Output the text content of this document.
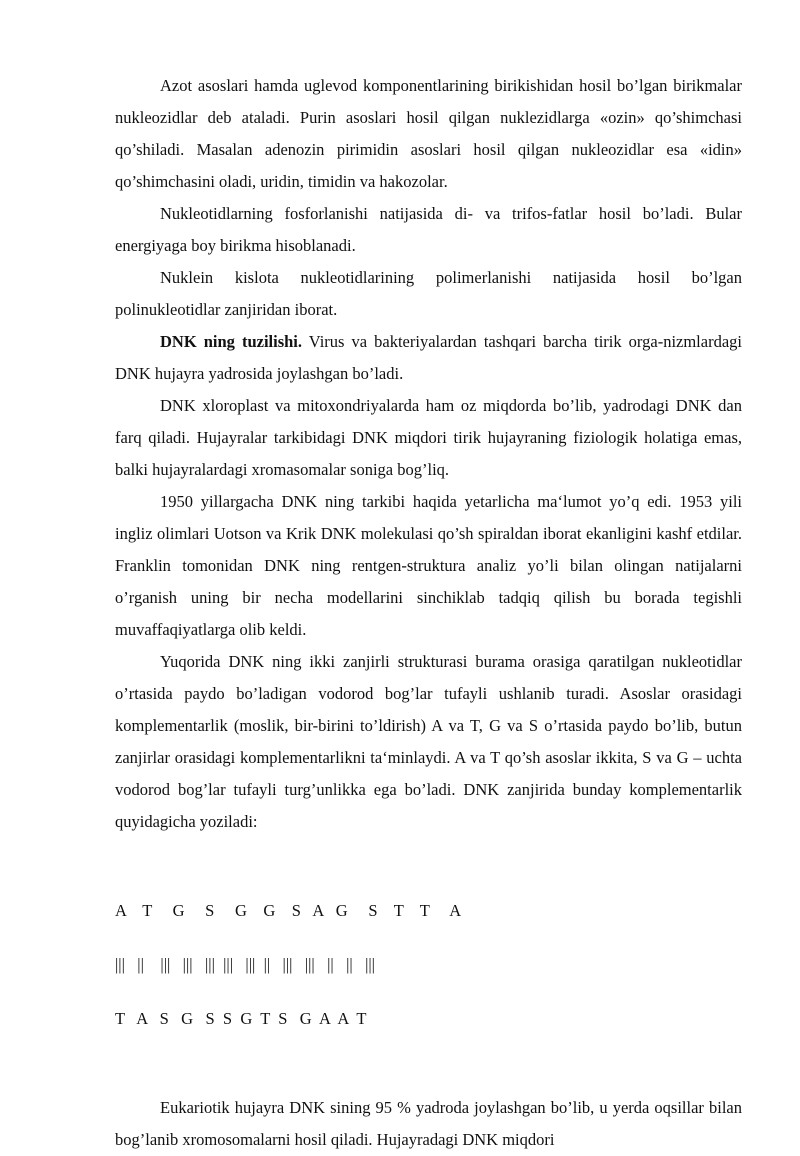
Azot asoslari hamda uglevod komponentlarining birikishidan hosil bo’lgan birikmalar nukleozidlar deb ataladi. Purin asoslari hosil qilgan nuklezidlarga «ozin» qo’shimchasi qo’shiladi. Masalan adenozin pirimidin asoslari hosil qilgan nukleozidlar esa «idin» qo’shimchasini oladi, uridin, timidin va hakozolar.

Nukleotidlarning fosforlanishi natijasida di- va trifos-fatlar hosil bo’ladi. Bular energiyaga boy birikma hisoblanadi.

Nuklein kislota nukleotidlarining polimerlanishi natijasida hosil bo’lgan polinukleotidlar zanjiridan iborat.

DNK ning tuzilishi. Virus va bakteriyalardan tashqari barcha tirik orga-nizmlardagi DNK hujayra yadrosida joylashgan bo’ladi.

DNK xloroplast va mitoxondriyalarda ham oz miqdorda bo’lib, yadrodagi DNK dan farq qiladi. Hujayralar tarkibidagi DNK miqdori tirik hujayraning fiziologik holatiga emas, balki hujayralardagi xromasomalar soniga bog’liq.

1950 yillargacha DNK ning tarkibi haqida yetarlicha ma‘lumot yo’q edi. 1953 yili ingliz olimlari Uotson va Krik DNK molekulasi qo’sh spiraldan iborat ekanligini kashf etdilar. Franklin tomonidan DNK ning rentgen-struktura analiz yo’li bilan olingan natijalarni o’rganish uning bir necha modellarini sinchiklab tadqiq qilish bu borada tegishli muvaffaqiyatlarga olib keldi.

Yuqorida DNK ning ikki zanjirli strukturasi burama orasiga qaratilgan nukleotidlar o’rtasida paydo bo’ladigan vodorod bog’lar tufayli ushlanib turadi. Asoslar orasidagi komplementarlik (moslik, bir-birini to’ldirish) A va T, G va S o’rtasida paydo bo’lib, butun zanjirlar orasidagi komplementarlikni ta‘minlaydi. A va T qo’sh asoslar ikkita, S va G – uchta vodorod bog’lar tufayli turg’unlikka ega bo’ladi. DNK zanjirida bunday komplementarlik quyidagicha yoziladi:

A    T     G     S     G    G    S   A   G     S    T    T     A

|||   ||    |||   |||   |||  |||   |||  ||   |||   |||   ||   ||   |||

T   A   S   G   S  S  G  T  S   G  A  A  T

Eukariotik hujayra DNK sining 95 % yadroda joylashgan bo’lib, u yerda oqsillar bilan bog’lanib xromosomalarni hosil qiladi. Hujayradagi DNK miqdori
